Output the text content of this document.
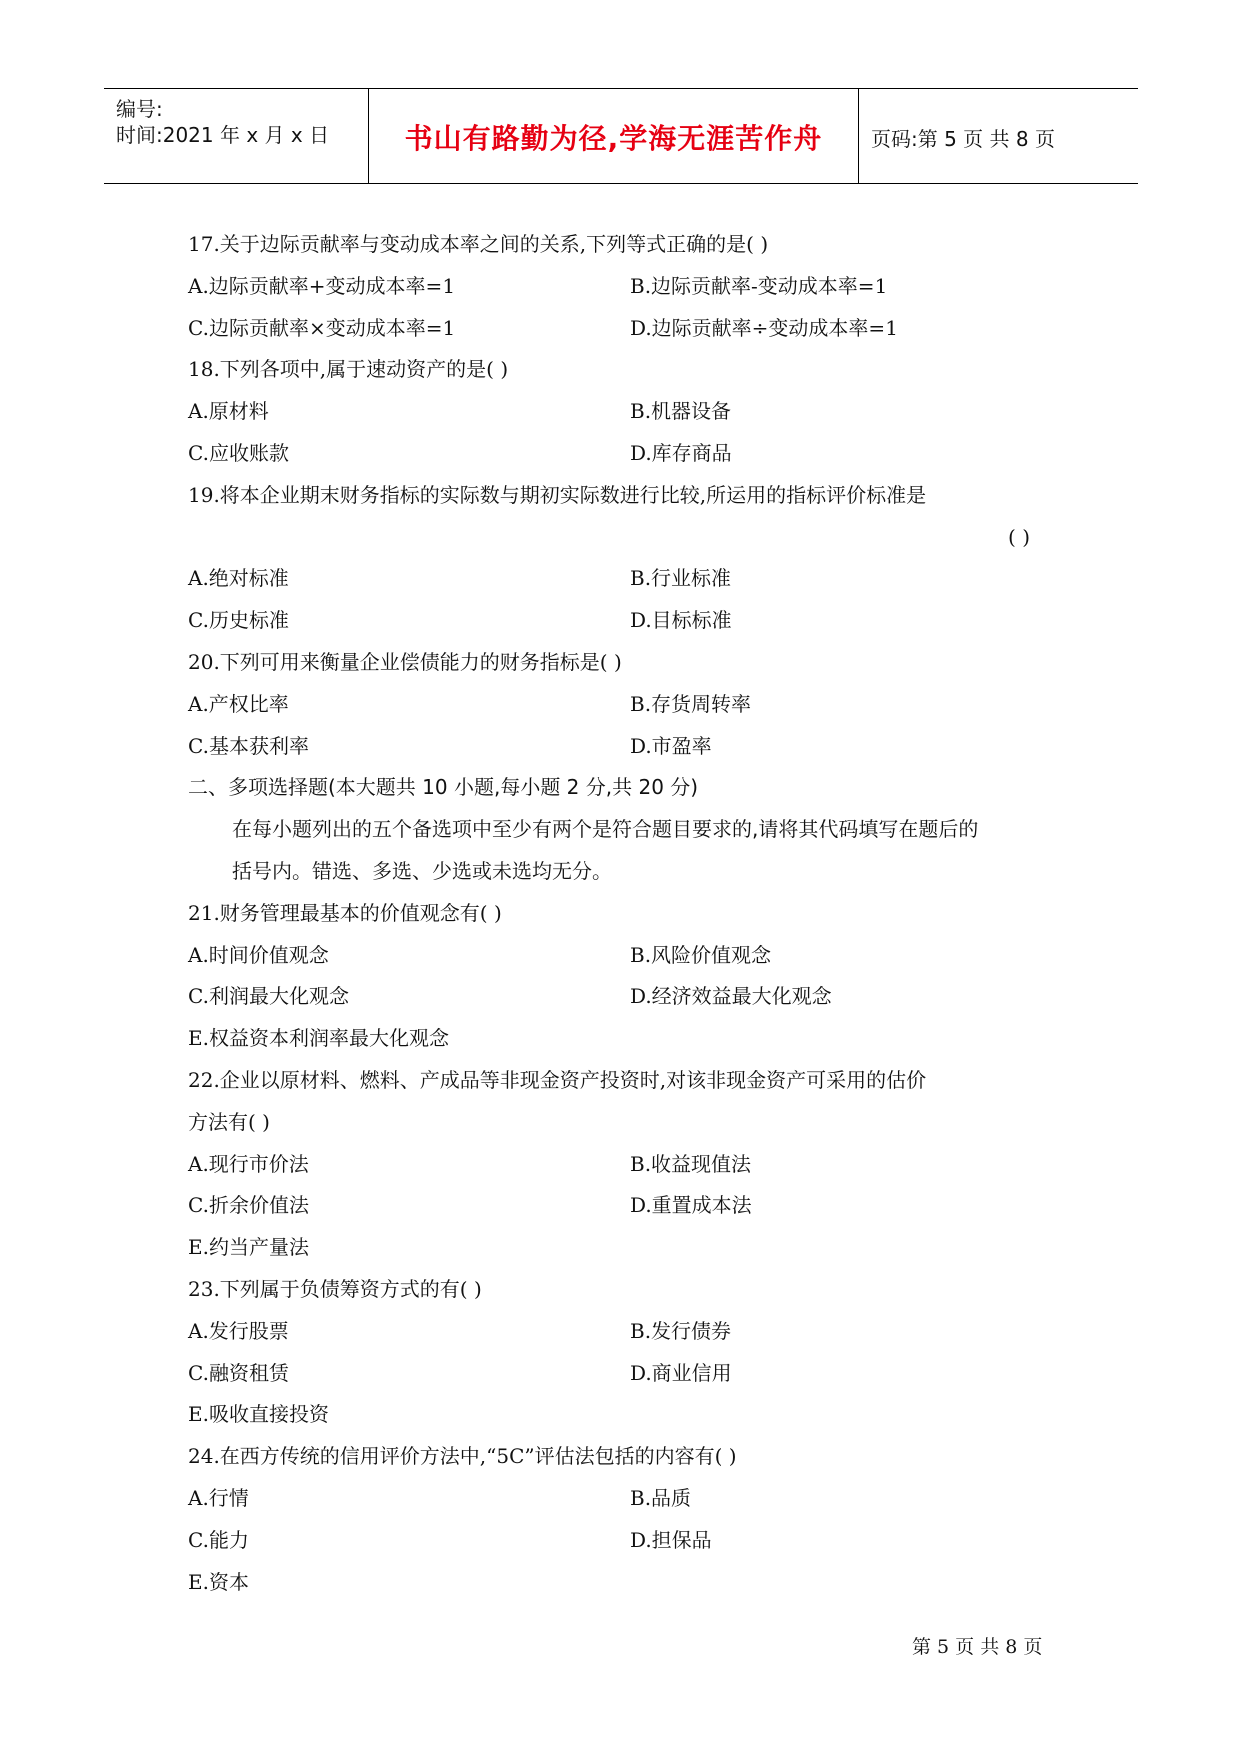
编号:
时间:2021 年 x 月 x 日	书山有路勤为径,学海无涯苦作舟	页码:第 5 页 共 8 页
17.关于边际贡献率与变动成本率之间的关系,下列等式正确的是( )
A.边际贡献率+变动成本率=1	B.边际贡献率-变动成本率=1
C.边际贡献率×变动成本率=1	D.边际贡献率÷变动成本率=1
18.下列各项中,属于速动资产的是( )
A.原材料	B.机器设备
C.应收账款	D.库存商品
19.将本企业期末财务指标的实际数与期初实际数进行比较,所运用的指标评价标准是
( )
A.绝对标准	B.行业标准
C.历史标准	D.目标标准
20.下列可用来衡量企业偿债能力的财务指标是( )
A.产权比率	B.存货周转率
C.基本获利率	D.市盈率
二、多项选择题(本大题共 10 小题,每小题 2 分,共 20 分)
在每小题列出的五个备选项中至少有两个是符合题目要求的,请将其代码填写在题后的
括号内。错选、多选、少选或未选均无分。
21.财务管理最基本的价值观念有( )
A.时间价值观念	B.风险价值观念
C.利润最大化观念	D.经济效益最大化观念
E.权益资本利润率最大化观念
22.企业以原材料、燃料、产成品等非现金资产投资时,对该非现金资产可采用的估价
方法有( )
A.现行市价法	B.收益现值法
C.折余价值法	D.重置成本法
E.约当产量法
23.下列属于负债筹资方式的有( )
A.发行股票	B.发行债券
C.融资租赁	D.商业信用
E.吸收直接投资
24.在西方传统的信用评价方法中,“5C”评估法包括的内容有( )
A.行情	B.品质
C.能力	D.担保品
E.资本
第 5 页 共 8 页
